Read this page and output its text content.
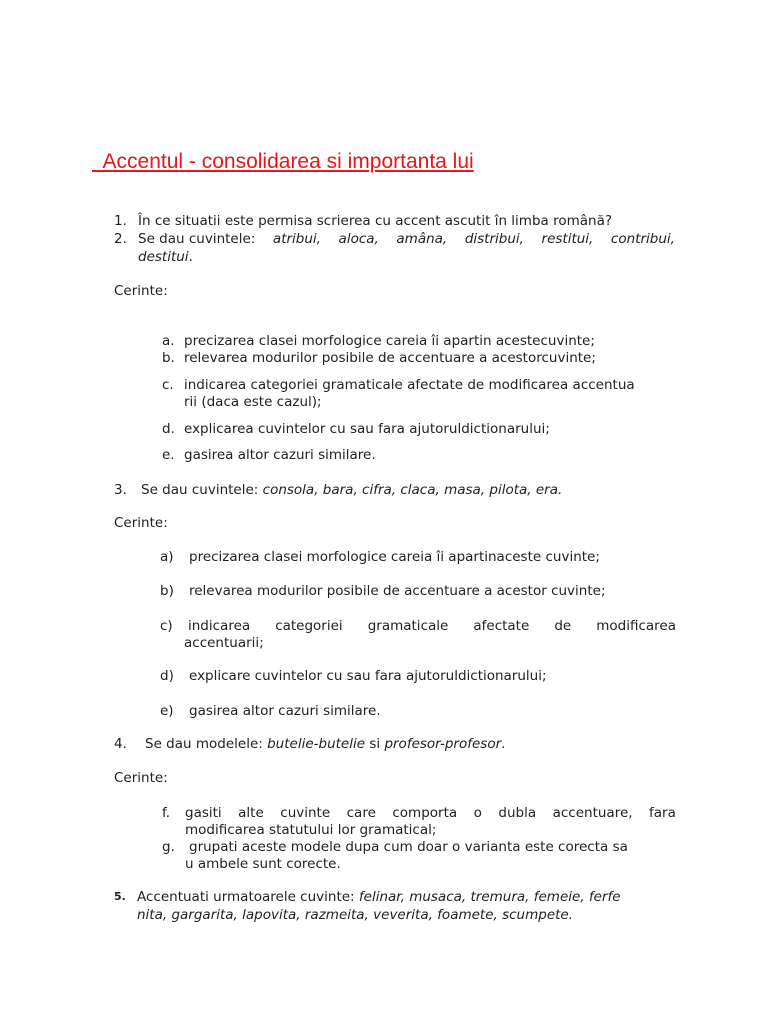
Accentul - consolidarea si importanta lui
1. În ce situatii este permisa scrierea cu accent ascutit în limba română?
2. Se dau cuvintele: atribui, aloca, amâna, distribui, restitui, contribui,
destitui.
Cerinte:
a. precizarea clasei morfologice careia îi apartin acestecuvinte;
b. relevarea modurilor posibile de accentuare a acestorcuvinte;
c. indicarea categoriei gramaticale afectate de modificarea accentua
rii (daca este cazul);
d. explicarea cuvintelor cu sau fara ajutoruldictionarului;
e. gasirea altor cazuri similare.
3. Se dau cuvintele: consola, bara, cifra, claca, masa, pilota, era.
Cerinte:
a) precizarea clasei morfologice careia îi apartinaceste cuvinte;
b) relevarea modurilor posibile de accentuare a acestor cuvinte;
c) indicarea categoriei gramaticale afectate de modificarea
accentuarii;
d) explicare cuvintelor cu sau fara ajutoruldictionarului;
e) gasirea altor cazuri similare.
4. Se dau modelele: butelie-butelie si profesor-profesor.
Cerinte:
f. gasiti alte cuvinte care comporta o dubla accentuare, fara
modificarea statutului lor gramatical;
g. grupati aceste modele dupa cum doar o varianta este corecta sa
u ambele sunt corecte.
5. Accentuati urmatoarele cuvinte: felinar, musaca, tremura, femeie, ferfe
nita, gargarita, lapovita, razmeita, veverita, foamete, scumpete.
